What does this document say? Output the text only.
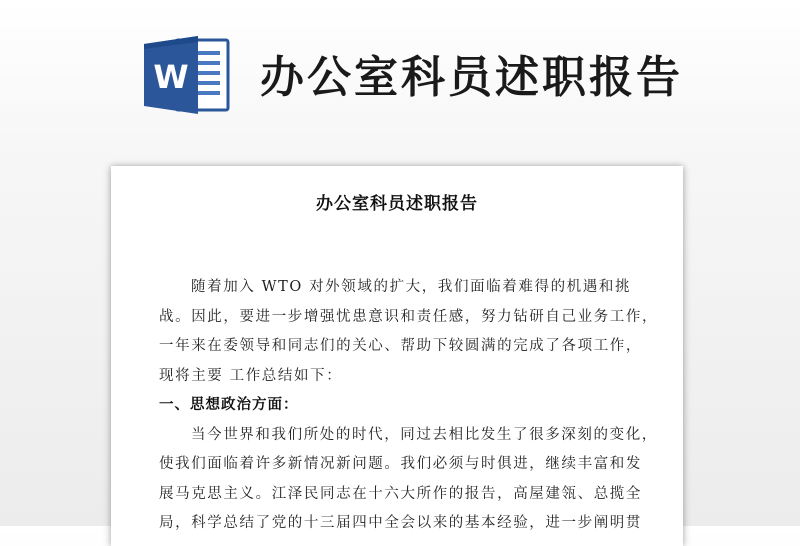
W 办公室科员述职报告
办公室科员述职报告
随着加入 WTO 对外领域的扩大，我们面临着难得的机遇和挑
战。因此，要进一步增强忧患意识和责任感，努力钻研自己业务工作，
一年来在委领导和同志们的关心、帮助下较圆满的完成了各项工作，
现将主要 工作总结如下：
一、思想政治方面：
当今世界和我们所处的时代，同过去相比发生了很多深刻的变化，
使我们面临着许多新情况新问题。我们必须与时俱进，继续丰富和发
展马克思主义。江泽民同志在十六大所作的报告，高屋建瓴、总揽全
局，科学总结了党的十三届四中全会以来的基本经验，进一步阐明贯
